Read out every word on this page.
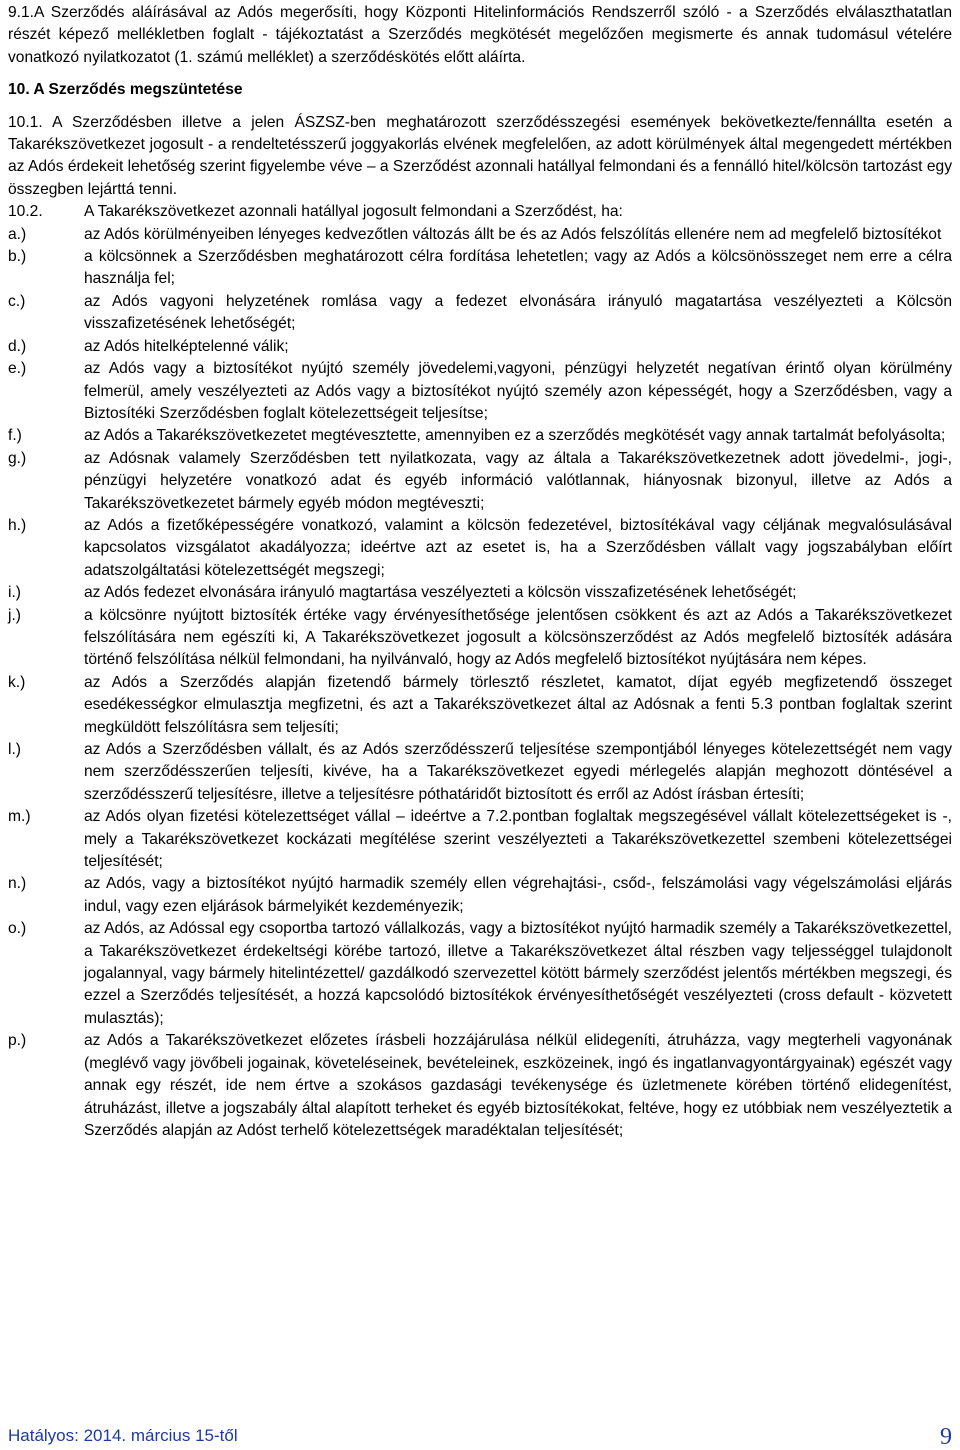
9.1.A Szerződés aláírásával az Adós megerősíti, hogy Központi Hitelinformációs Rendszerről szóló - a Szerződés elválaszthatatlan részét képező mellékletben foglalt - tájékoztatást a Szerződés megkötését megelőzően megismerte és annak tudomásul vételére vonatkozó nyilatkozatot (1. számú melléklet) a szerződéskötés előtt aláírta.

10. A Szerződés megszüntetése

10.1. A Szerződésben illetve a jelen ÁSZSZ-ben meghatározott szerződésszegési események bekövetkezte/fennállta esetén a Takarékszövetkezet jogosult - a rendeltetésszerű joggyakorlás elvének megfelelően, az adott körülmények által megengedett mértékben az Adós érdekeit lehetőség szerint figyelembe véve – a Szerződést azonnali hatállyal felmondani és a fennálló hitel/kölcsön tartozást egy összegben lejárttá tenni.

10.2.	A Takarékszövetkezet azonnali hatállyal jogosult felmondani a Szerződést, ha:
a.)	az Adós körülményeiben lényeges kedvezőtlen változás állt be és az Adós felszólítás ellenére nem ad megfelelő biztosítékot
b.)	a kölcsönnek a Szerződésben meghatározott célra fordítása lehetetlen; vagy az Adós a kölcsönösszeget nem erre a célra használja fel;
c.)	az Adós vagyoni helyzetének romlása vagy a fedezet elvonására irányuló magatartása veszélyezteti a Kölcsön visszafizetésének lehetőségét;
d.)	az Adós hitelképtelenné válik;
e.)	az Adós vagy a biztosítékot nyújtó személy jövedelemi,vagyoni, pénzügyi helyzetét negatívan érintő olyan körülmény felmerül, amely veszélyezteti az Adós vagy a biztosítékot nyújtó személy azon képességét, hogy a Szerződésben, vagy a Biztosítéki Szerződésben foglalt kötelezettségeit teljesítse;
f.)	az Adós a Takarékszövetkezetet megtévesztette, amennyiben ez a szerződés megkötését vagy annak tartalmát befolyásolta;
g.)	az Adósnak valamely Szerződésben tett nyilatkozata, vagy az általa a Takarékszövetkezetnek adott jövedelmi-, jogi-, pénzügyi helyzetére vonatkozó adat és egyéb információ valótlannak, hiányosnak bizonyul, illetve az Adós a Takarékszövetkezetet bármely egyéb módon megtéveszti;
h.)	az Adós a fizetőképességére vonatkozó, valamint a kölcsön fedezetével, biztosítékával vagy céljának megvalósulásával kapcsolatos vizsgálatot akadályozza; ideértve azt az esetet is, ha a Szerződésben vállalt vagy jogszabályban előírt adatszolgáltatási kötelezettségét megszegi;
i.)	az Adós fedezet elvonására irányuló magtartása veszélyezteti a kölcsön visszafizetésének lehetőségét;
j.)	a kölcsönre nyújtott biztosíték értéke vagy érvényesíthetősége jelentősen csökkent és azt az Adós a Takarékszövetkezet felszólítására nem egészíti ki, A Takarékszövetkezet jogosult a kölcsönszerződést az Adós megfelelő biztosíték adására történő felszólítása nélkül felmondani, ha nyilvánvaló, hogy az Adós megfelelő biztosítékot nyújtására nem képes.
k.)	az Adós a Szerződés alapján fizetendő bármely törlesztő részletet, kamatot, díjat egyéb megfizetendő összeget esedékességkor elmulasztja megfizetni, és azt a Takarékszövetkezet által az Adósnak a fenti 5.3 pontban foglaltak szerint megküldött felszólításra sem teljesíti;
l.)	az Adós a Szerződésben vállalt, és az Adós szerződésszerű teljesítése szempontjából lényeges kötelezettségét nem vagy nem szerződésszerűen teljesíti, kivéve, ha a Takarékszövetkezet egyedi mérlegelés alapján meghozott döntésével a szerződésszerű teljesítésre, illetve a teljesítésre póthatáridőt biztosított és erről az Adóst írásban értesíti;
m.)	az Adós olyan fizetési kötelezettséget vállal – ideértve a 7.2.pontban foglaltak megszegésével vállalt kötelezettségeket is -, mely a Takarékszövetkezet kockázati megítélése szerint veszélyezteti a Takarékszövetkezettel szembeni kötelezettségei teljesítését;
n.)	az Adós, vagy a biztosítékot nyújtó harmadik személy ellen végrehajtási-, csőd-, felszámolási vagy végelszámolási eljárás indul, vagy ezen eljárások bármelyikét kezdeményezik;
o.)	az Adós, az Adóssal egy csoportba tartozó vállalkozás, vagy a biztosítékot nyújtó harmadik személy a Takarékszövetkezettel, a Takarékszövetkezet érdekeltségi körébe tartozó, illetve a Takarékszövetkezet által részben vagy teljességgel tulajdonolt jogalannyal, vagy bármely hitelintézettel/ gazdálkodó szervezettel kötött bármely szerződést jelentős mértékben megszegi, és ezzel a Szerződés teljesítését, a hozzá kapcsolódó biztosítékok érvényesíthetőségét veszélyezteti (cross default - közvetett mulasztás);
p.)	az Adós a Takarékszövetkezet előzetes írásbeli hozzájárulása nélkül elidegeníti, átruházza, vagy megterheli vagyonának (meglévő vagy jövőbeli jogainak, követeléseinek, bevételeinek, eszközeinek, ingó és ingatlanvagyontárgyainak) egészét vagy annak egy részét, ide nem értve a szokásos gazdasági tevékenysége és üzletmenete körében történő elidegenítést, átruházást, illetve a jogszabály által alapított terheket és egyéb biztosítékokat, feltéve, hogy ez utóbbiak nem veszélyeztetik a Szerződés alapján az Adóst terhelő kötelezettségek maradéktalan teljesítését;
Hatályos: 2014. március 15-től	9
